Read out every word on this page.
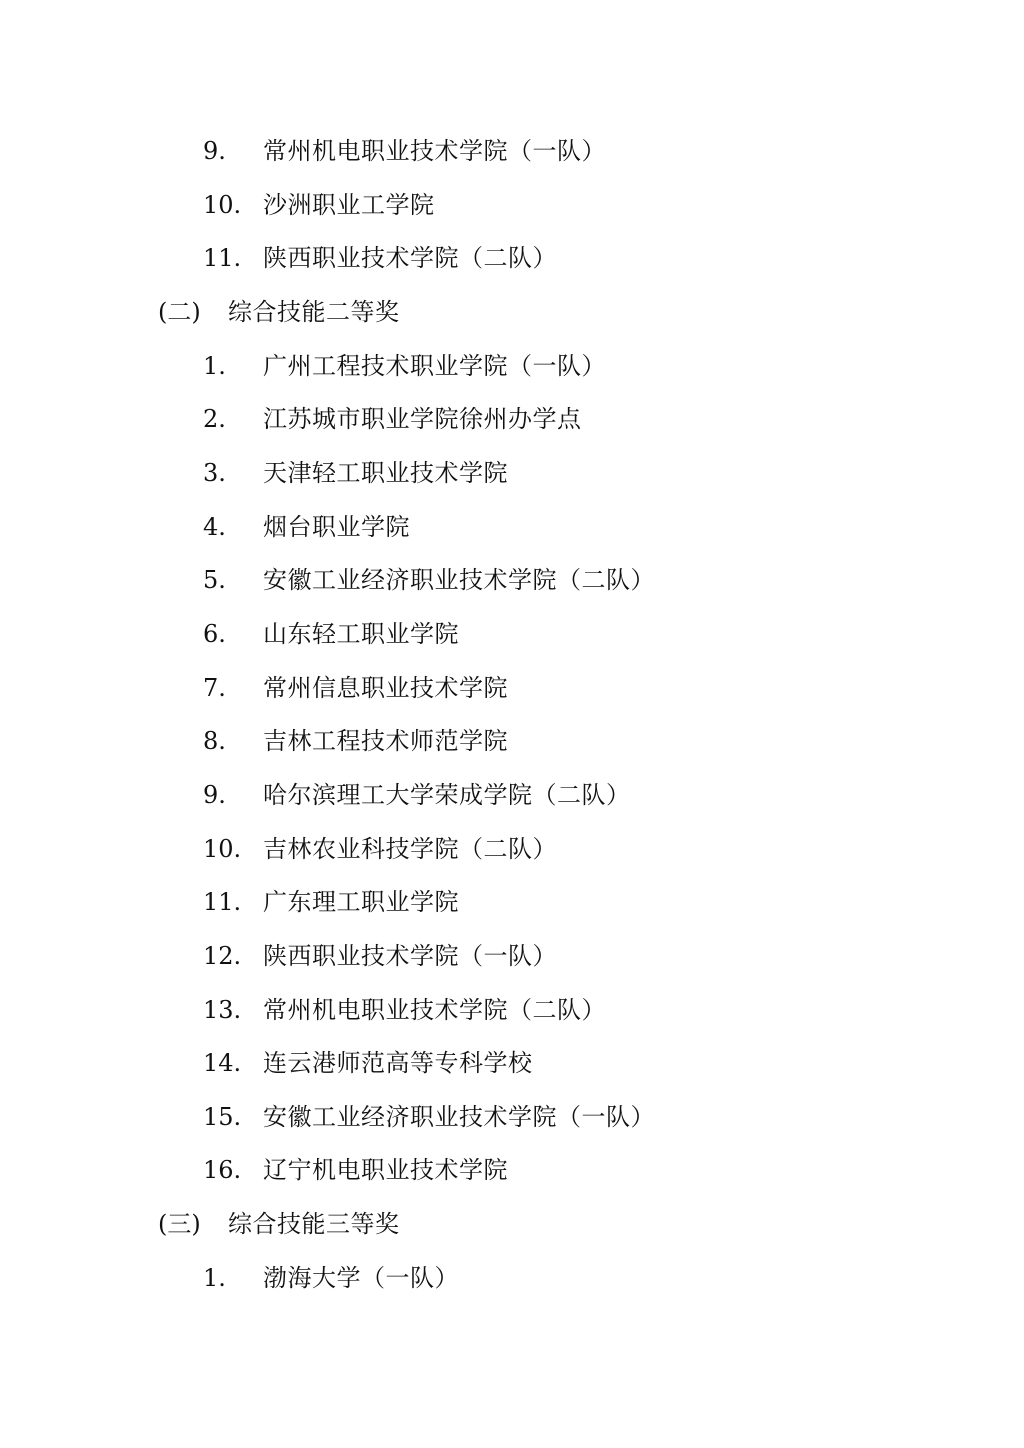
9. 常州机电职业技术学院（一队）
10. 沙洲职业工学院
11. 陕西职业技术学院（二队）
(二) 综合技能二等奖
1. 广州工程技术职业学院（一队）
2. 江苏城市职业学院徐州办学点
3. 天津轻工职业技术学院
4. 烟台职业学院
5. 安徽工业经济职业技术学院（二队）
6. 山东轻工职业学院
7. 常州信息职业技术学院
8. 吉林工程技术师范学院
9. 哈尔滨理工大学荣成学院（二队）
10. 吉林农业科技学院（二队）
11. 广东理工职业学院
12. 陕西职业技术学院（一队）
13. 常州机电职业技术学院（二队）
14. 连云港师范高等专科学校
15. 安徽工业经济职业技术学院（一队）
16. 辽宁机电职业技术学院
(三) 综合技能三等奖
1. 渤海大学（一队）
